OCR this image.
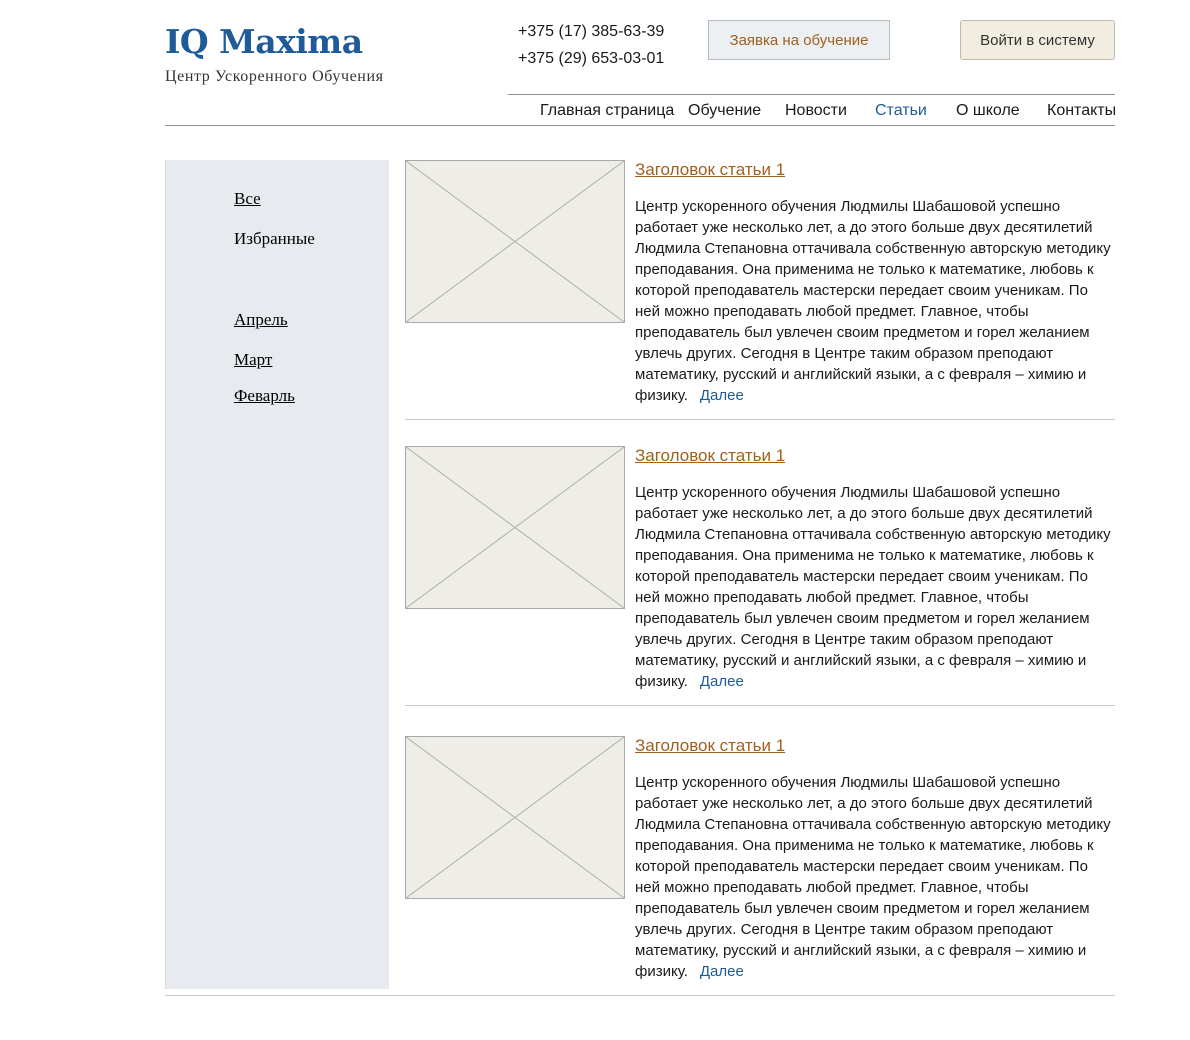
IQ Maxima
Центр Ускоренного Обучения
+375 (17) 385-63-39
+375 (29) 653-03-01
Заявка на обучение	Войти в систему
Главная страница Обучение Новости Статьи О школе Контакты
Все
Избранные
Апрель
Март
Феварль
Заголовок статьи 1
Центр ускоренного обучения Людмилы Шабашовой успешно работает уже несколько лет, а до этого больше двух десятилетий Людмила Степановна оттачивала собственную авторскую методику преподавания. Она применима не только к математике, любовь к которой преподаватель мастерски передает своим ученикам. По ней можно преподавать любой предмет. Главное, чтобы преподаватель был увлечен своим предметом и горел желанием увлечь других. Сегодня в Центре таким образом преподают математику, русский и английский языки, а с февраля – химию и физику. Далее
Заголовок статьи 1
Центр ускоренного обучения Людмилы Шабашовой успешно работает уже несколько лет, а до этого больше двух десятилетий Людмила Степановна оттачивала собственную авторскую методику преподавания. Она применима не только к математике, любовь к которой преподаватель мастерски передает своим ученикам. По ней можно преподавать любой предмет. Главное, чтобы преподаватель был увлечен своим предметом и горел желанием увлечь других. Сегодня в Центре таким образом преподают математику, русский и английский языки, а с февраля – химию и физику. Далее
Заголовок статьи 1
Центр ускоренного обучения Людмилы Шабашовой успешно работает уже несколько лет, а до этого больше двух десятилетий Людмила Степановна оттачивала собственную авторскую методику преподавания. Она применима не только к математике, любовь к которой преподаватель мастерски передает своим ученикам. По ней можно преподавать любой предмет. Главное, чтобы преподаватель был увлечен своим предметом и горел желанием увлечь других. Сегодня в Центре таким образом преподают математику, русский и английский языки, а с февраля – химию и физику. Далее
